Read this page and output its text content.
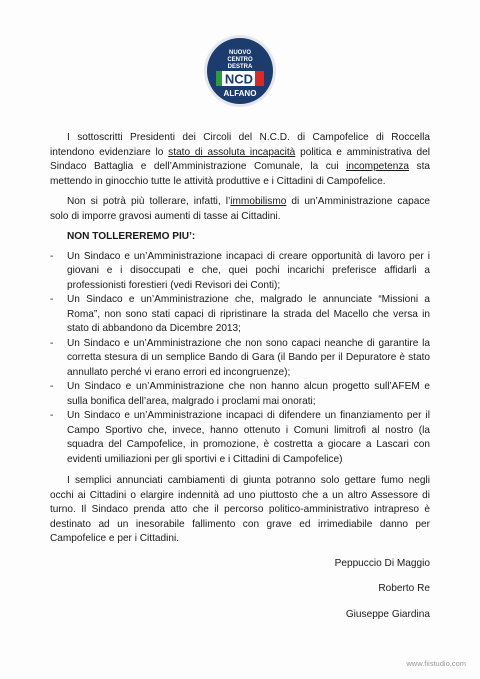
NUOVO
CENTRO
DESTRA
NCD
ALFANO

I sottoscritti Presidenti dei Circoli del N.C.D. di Campofelice di Roccella intendono evidenziare lo stato di assoluta incapacità politica e amministrativa del Sindaco Battaglia e dell’Amministrazione Comunale, la cui incompetenza sta mettendo in ginocchio tutte le attività produttive e i Cittadini di Campofelice.

Non si potrà più tollerare, infatti, l’immobilismo di un’Amministrazione capace solo di imporre gravosi aumenti di tasse ai Cittadini.

NON TOLLEREREMO PIU’:
- Un Sindaco e un’Amministrazione incapaci di creare opportunità di lavoro per i giovani e i disoccupati e che, quei pochi incarichi preferisce affidarli a professionisti forestieri (vedi Revisori dei Conti);
- Un Sindaco e un’Amministrazione che, malgrado le annunciate “Missioni a Roma”, non sono stati capaci di ripristinare la strada del Macello che versa in stato di abbandono da Dicembre 2013;
- Un Sindaco e un’Amministrazione che non sono capaci neanche di garantire la corretta stesura di un semplice Bando di Gara (il Bando per il Depuratore è stato annullato perché vi erano errori ed incongruenze);
- Un Sindaco e un’Amministrazione che non hanno alcun progetto sull’AFEM e sulla bonifica dell’area, malgrado i proclami mai onorati;
- Un Sindaco e un’Amministrazione incapaci di difendere un finanziamento per il Campo Sportivo che, invece, hanno ottenuto i Comuni limitrofi al nostro (la squadra del Campofelice, in promozione, è costretta a giocare a Lascari con evidenti umiliazioni per gli sportivi e i Cittadini di Campofelice)

I semplici annunciati cambiamenti di giunta potranno solo gettare fumo negli occhi ai Cittadini o elargire indennità ad uno piuttosto che a un altro Assessore di turno. Il Sindaco prenda atto che il percorso politico-amministrativo intrapreso è destinato ad un inesorabile fallimento con grave ed irrimediabile danno per Campofelice e per i Cittadini.

Peppuccio Di Maggio
Roberto Re
Giuseppe Giardina
www.fiistudio.com
